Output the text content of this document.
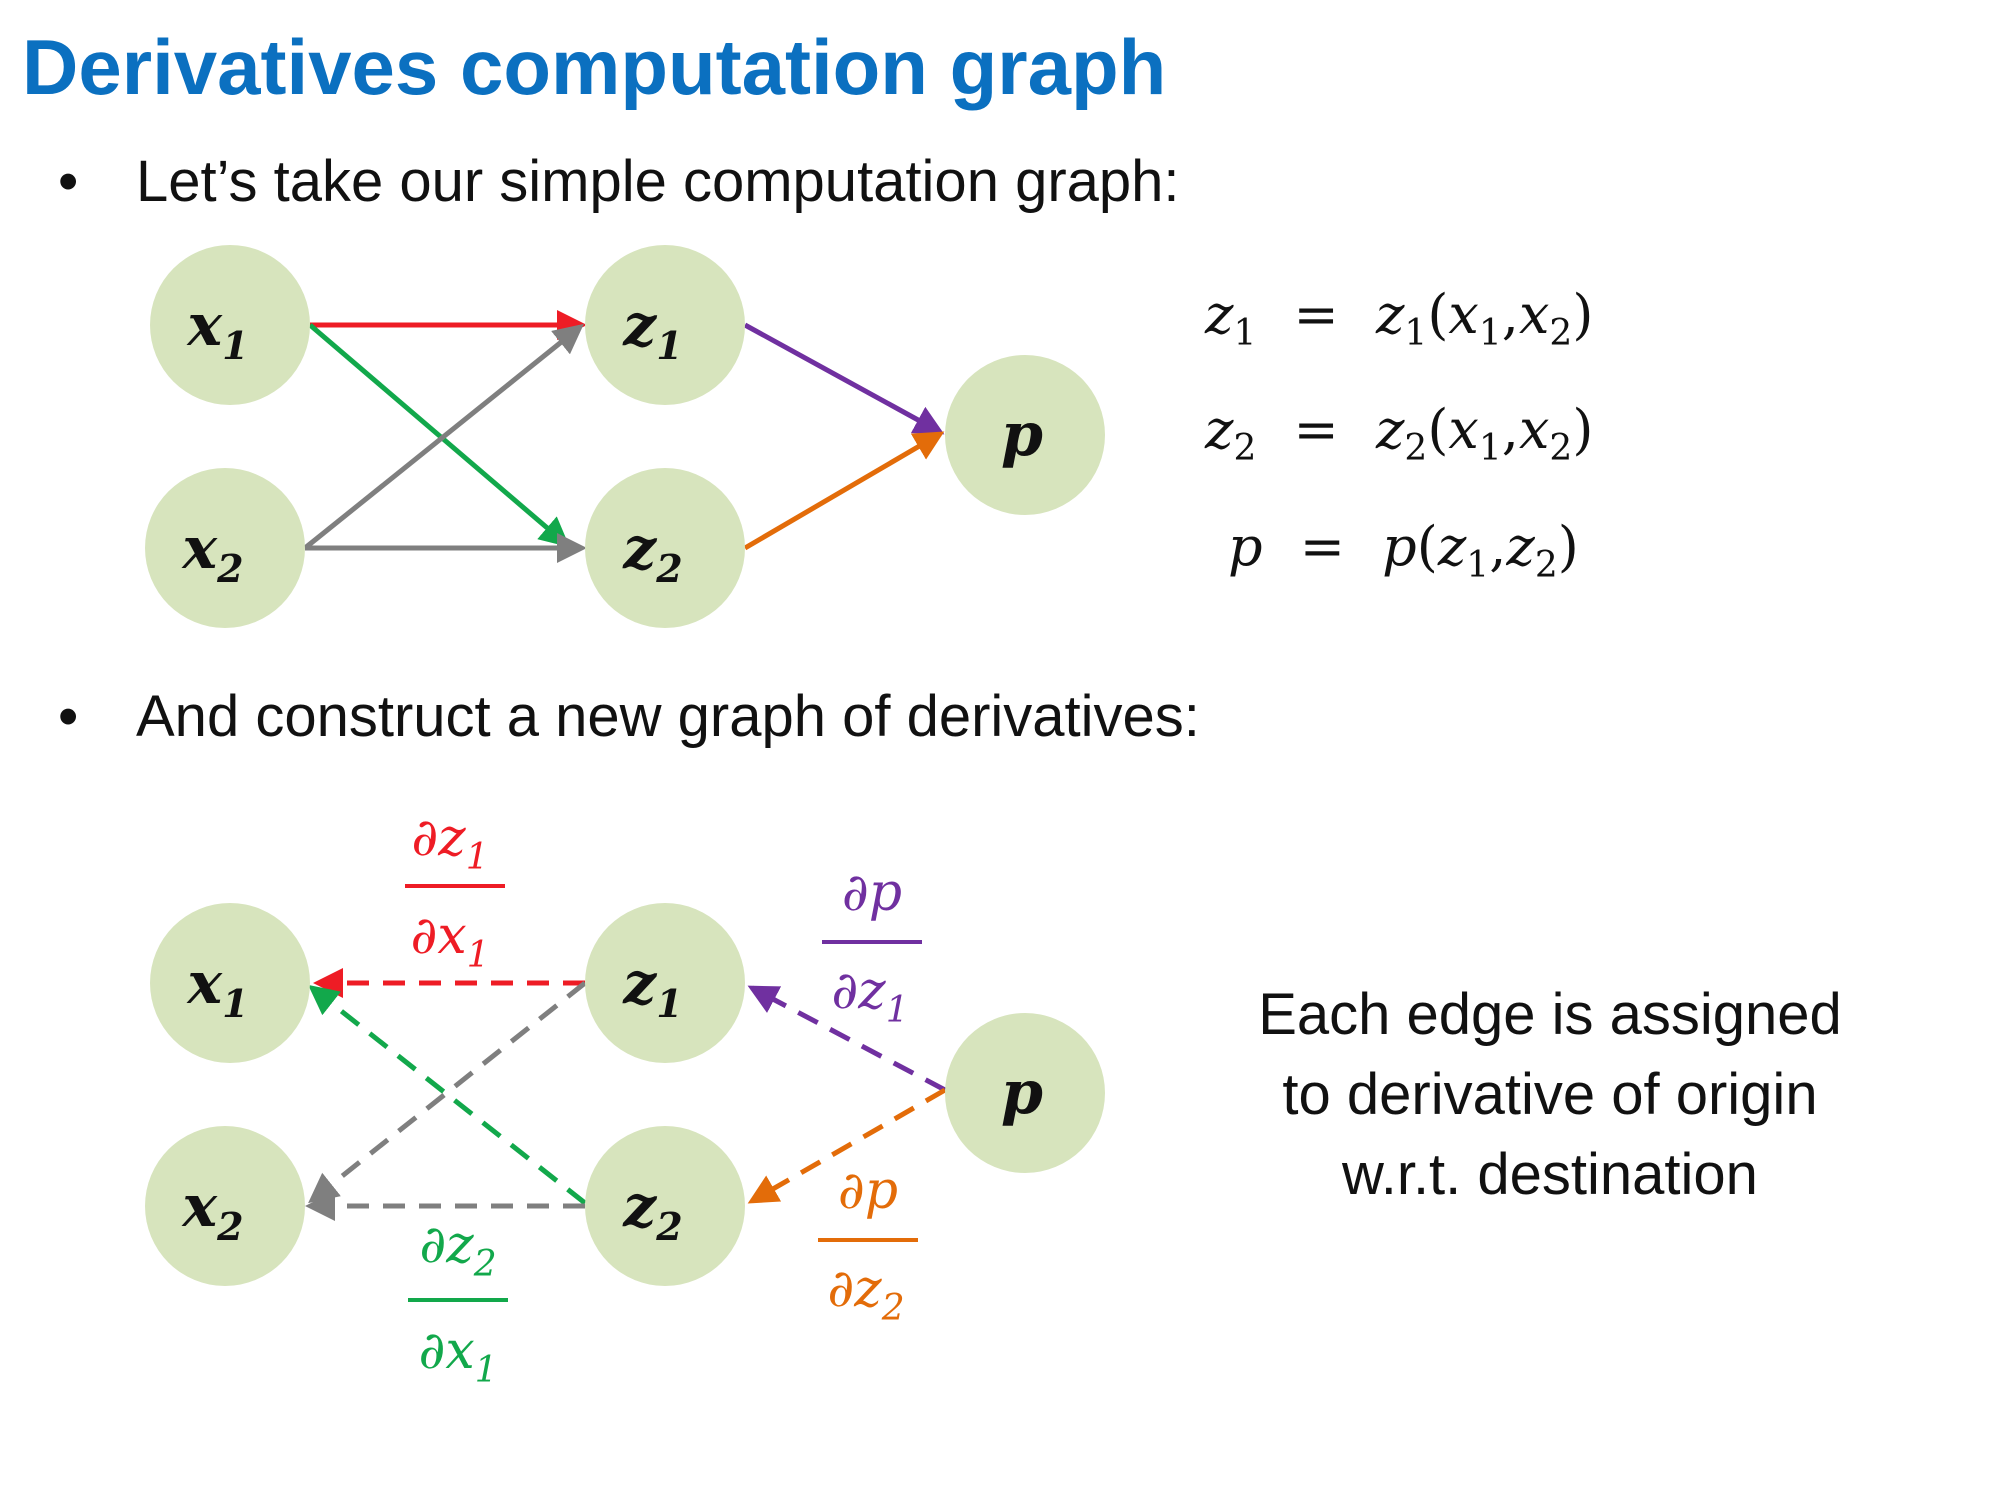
Derivatives computation graph
• Let’s take our simple computation graph:
• And construct a new graph of derivatives:
$x_1$
$x_2$
$z_1$
$z_2$
p
$z_1 = z_1(x_1,x_2)$
$z_2 = z_2(x_1,x_2)$
$p = p(z_1,z_2)$
$x_1$
$x_2$
$z_1$
$z_2$
p
$\partial z_1$
$\partial x_1$
∂p
$\partial z_1$
∂p
$\partial z_2$
$\partial z_2$
$\partial x_1$
Each edge is assigned
to derivative of origin
w.r.t. destination
